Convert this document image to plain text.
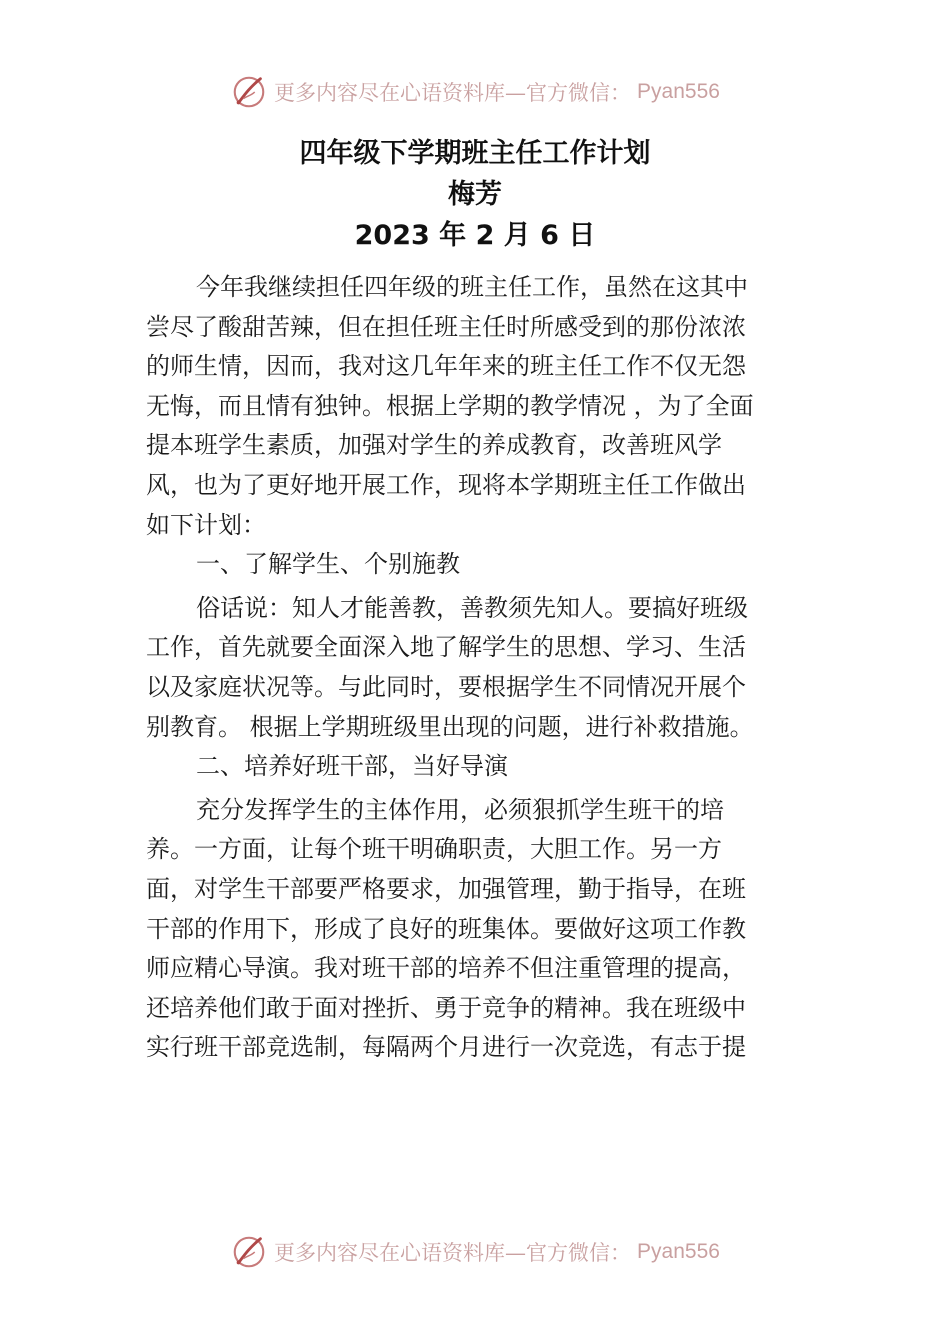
更多内容尽在心语资料库—官方微信： Pyan556
四年级下学期班主任工作计划
梅芳
2023 年 2 月 6 日
今年我继续担任四年级的班主任工作，虽然在这其中
尝尽了酸甜苦辣，但在担任班主任时所感受到的那份浓浓
的师生情，因而，我对这几年年来的班主任工作不仅无怨
无悔，而且情有独钟。根据上学期的教学情况 ，为了全面
提本班学生素质，加强对学生的养成教育，改善班风学
风，也为了更好地开展工作，现将本学期班主任工作做出
如下计划：
一、了解学生、个别施教
俗话说：知人才能善教，善教须先知人。要搞好班级
工作，首先就要全面深入地了解学生的思想、学习、生活
以及家庭状况等。与此同时，要根据学生不同情况开展个
别教育。 根据上学期班级里出现的问题，进行补救措施。
二、培养好班干部，当好导演
充分发挥学生的主体作用，必须狠抓学生班干的培
养。一方面，让每个班干明确职责，大胆工作。另一方
面，对学生干部要严格要求，加强管理，勤于指导，在班
干部的作用下，形成了良好的班集体。要做好这项工作教
师应精心导演。我对班干部的培养不但注重管理的提高，
还培养他们敢于面对挫折、勇于竞争的精神。我在班级中
实行班干部竞选制，每隔两个月进行一次竞选，有志于提
更多内容尽在心语资料库—官方微信： Pyan556
